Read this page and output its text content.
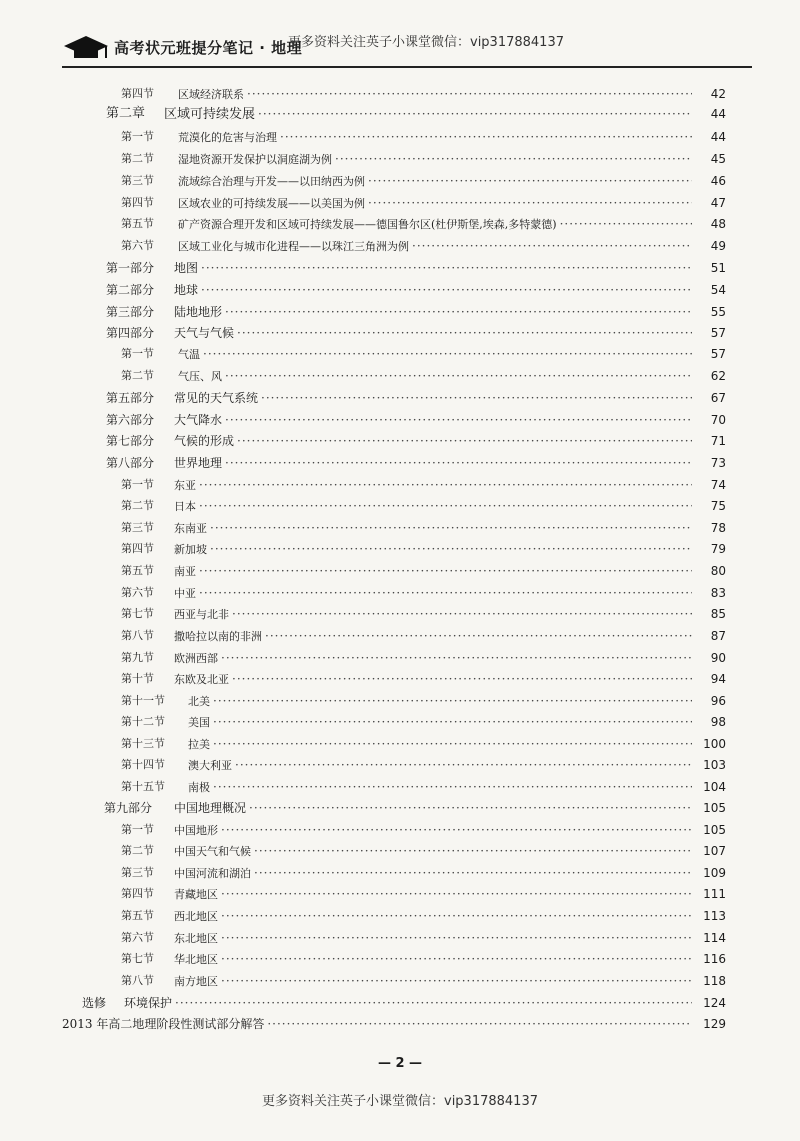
高考状元班提分笔记 · 地理
更多资料关注英子小课堂微信：vip317884137
第四节 区域经济联系 ·····	42
第二章 区域可持续发展 ·····	44
第一节 荒漠化的危害与治理 ·····	44
第二节 湿地资源开发保护以洞庭湖为例 ·····	45
第三节 流域综合治理与开发——以田纳西为例 ·····	46
第四节 区域农业的可持续发展——以美国为例 ·····	47
第五节 矿产资源合理开发和区域可持续发展——德国鲁尔区(杜伊斯堡,埃森,多特蒙德) ·····	48
第六节 区域工业化与城市化进程——以珠江三角洲为例 ·····	49
第一部分 地图 ·····	51
第二部分 地球 ·····	54
第三部分 陆地地形 ·····	55
第四部分 天气与气候 ·····	57
第一节 气温 ·····	57
第二节 气压、风 ·····	62
第五部分 常见的天气系统 ·····	67
第六部分 大气降水 ·····	70
第七部分 气候的形成 ·····	71
第八部分 世界地理 ·····	73
第一节 东亚 ·····	74
第二节 日本 ·····	75
第三节 东南亚 ·····	78
第四节 新加坡 ·····	79
第五节 南亚 ·····	80
第六节 中亚 ·····	83
第七节 西亚与北非 ·····	85
第八节 撒哈拉以南的非洲 ·····	87
第九节 欧洲西部 ·····	90
第十节 东欧及北亚 ·····	94
第十一节 北美 ·····	96
第十二节 美国 ·····	98
第十三节 拉美 ·····	100
第十四节 澳大利亚 ·····	103
第十五节 南极 ·····	104
第九部分 中国地理概况 ·····	105
第一节 中国地形 ·····	105
第二节 中国天气和气候 ·····	107
第三节 中国河流和湖泊 ·····	109
第四节 青藏地区 ·····	111
第五节 西北地区 ·····	113
第六节 东北地区 ·····	114
第七节 华北地区 ·····	116
第八节 南方地区 ·····	118
选修 环境保护 ·····	124
2013 年高二地理阶段性测试部分解答 ·····	129
— 2 —
更多资料关注英子小课堂微信：vip317884137
